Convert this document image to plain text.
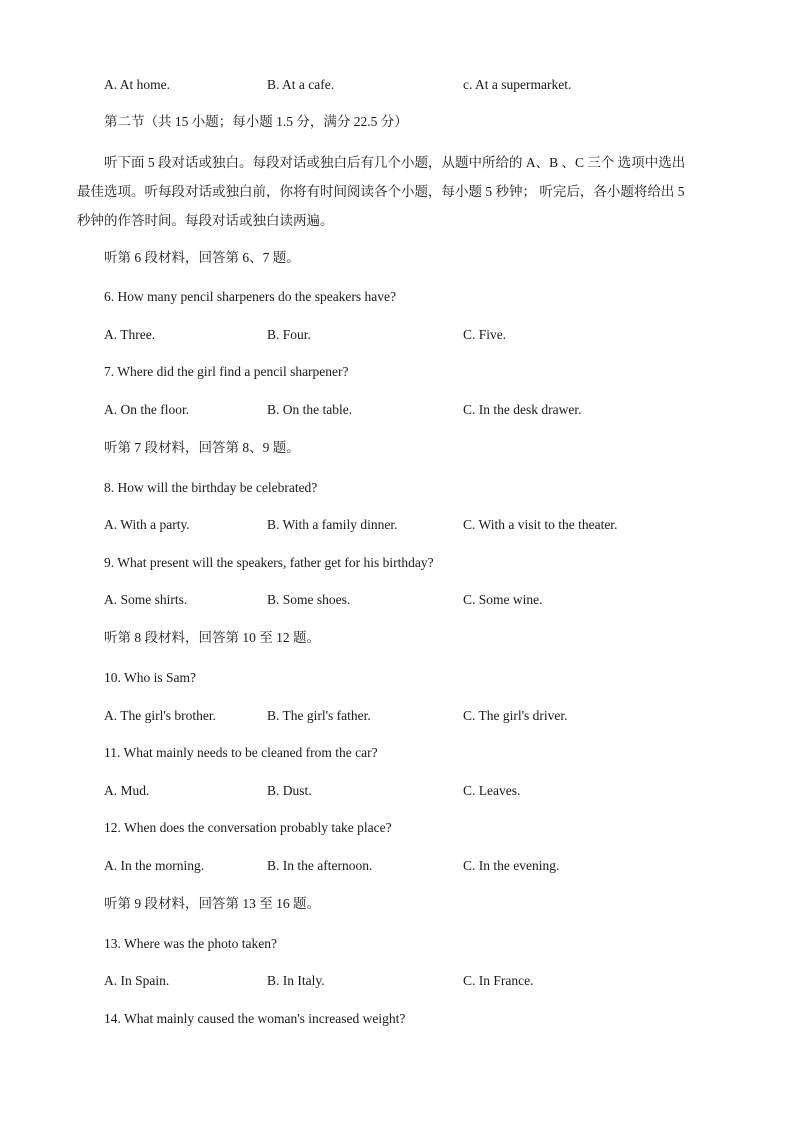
A. At home.	B. At a cafe.	c. At a supermarket.
第二节（共 15 小题；每小题 1.5 分，满分 22.5 分）
听下面 5 段对话或独白。每段对话或独白后有几个小题，从题中所给的 A、B 、C 三个 选项中选出
最佳选项。听每段对话或独白前，你将有时间阅读各个小题，每小题 5 秒钟； 听完后，各小题将给出 5
秒钟的作答时间。每段对话或独白读两遍。
听第 6 段材料，回答第 6、7 题。
6. How many pencil sharpeners do the speakers have?
A. Three.	B. Four.	C. Five.
7. Where did the girl find a pencil sharpener?
A. On the floor.	B. On the table.	C. In the desk drawer.
听第 7 段材料，回答第 8、9 题。
8. How will the birthday be celebrated?
A. With a party.	B. With a family dinner.	C. With a visit to the theater.
9. What present will the speakers, father get for his birthday?
A. Some shirts.	B. Some shoes.	C. Some wine.
听第 8 段材料，回答第 10 至 12 题。
10. Who is Sam?
A. The girl's brother.	B. The girl's father.	C. The girl's driver.
11. What mainly needs to be cleaned from the car?
A. Mud.	B. Dust.	C. Leaves.
12. When does the conversation probably take place?
A. In the morning.	B. In the afternoon.	C. In the evening.
听第 9 段材料，回答第 13 至 16 题。
13. Where was the photo taken?
A. In Spain.	B. In Italy.	C. In France.
14. What mainly caused the woman's increased weight?
